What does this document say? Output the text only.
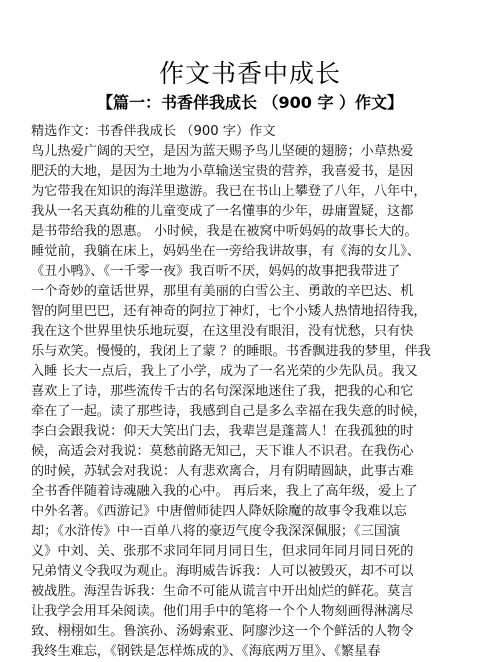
作文书香中成长
【篇一：书香伴我成长 （900 字 ）作文】
精选作文：书香伴我成长 （900 字）作文
鸟儿热爱广阔的天空，是因为蓝天赐予鸟儿坚硬的翅膀；小草热爱
肥沃的大地，是因为土地为小草输送宝贵的营养，我喜爱书，是因
为它带我在知识的海洋里遨游。我已在书山上攀登了八年，八年中，
我从一名天真幼稚的儿童变成了一名懂事的少年，毋庸置疑，这都
是书带给我的恩惠。 小时候，我是在被窝中听妈妈的故事长大的。
睡觉前，我躺在床上，妈妈坐在一旁给我讲故事，有《海的女儿》、
《丑小鸭》、《一千零一夜》我百听不厌，妈妈的故事把我带进了
一个奇妙的童话世界，那里有美丽的白雪公主、勇敢的辛巴达、机
智的阿里巴巴，还有神奇的阿拉丁神灯，七个小矮人热情地招待我，
我在这个世界里快乐地玩耍，在这里没有眼泪，没有忧愁，只有快
乐与欢笑。慢慢的，我闭上了蒙 ？的睡眼。书香飘进我的梦里，伴我
入睡 长大一点后，我上了小学，成为了一名光荣的少先队员。我又
喜欢上了诗，那些流传千古的名句深深地迷住了我，把我的心和它
牵在了一起。读了那些诗，我感到自己是多么幸福在我失意的时候，
李白会跟我说：仰天大笑出门去，我辈岂是蓬蒿人！在我孤独的时
候，高适会对我说：莫愁前路无知己，天下谁人不识君。在我伤心
的时候，苏轼会对我说：人有悲欢离合，月有阴晴圆缺，此事古难
全书香伴随着诗魂融入我的心中。 再后来，我上了高年级，爱上了
中外名著。《西游记》中唐僧师徒四人降妖除魔的故事令我难以忘
却；《水浒传》中一百单八将的豪迈气度令我深深佩服；《三国演
义》中刘、关、张那不求同年同月同日生，但求同年同月同日死的
兄弟情义令我叹为观止。海明威告诉我：人可以被毁灭，却不可以
被战胜。海涅告诉我：生命不可能从谎言中开出灿烂的鲜花。莫言
让我学会用耳朵阅读。他们用手中的笔将一个个人物刻画得淋漓尽
致、栩栩如生。鲁滨孙、汤姆索亚、阿廖沙这一个个鲜活的人物令
我终生难忘，《钢铁是怎样炼成的》、《海底两万里》、《繁星春
